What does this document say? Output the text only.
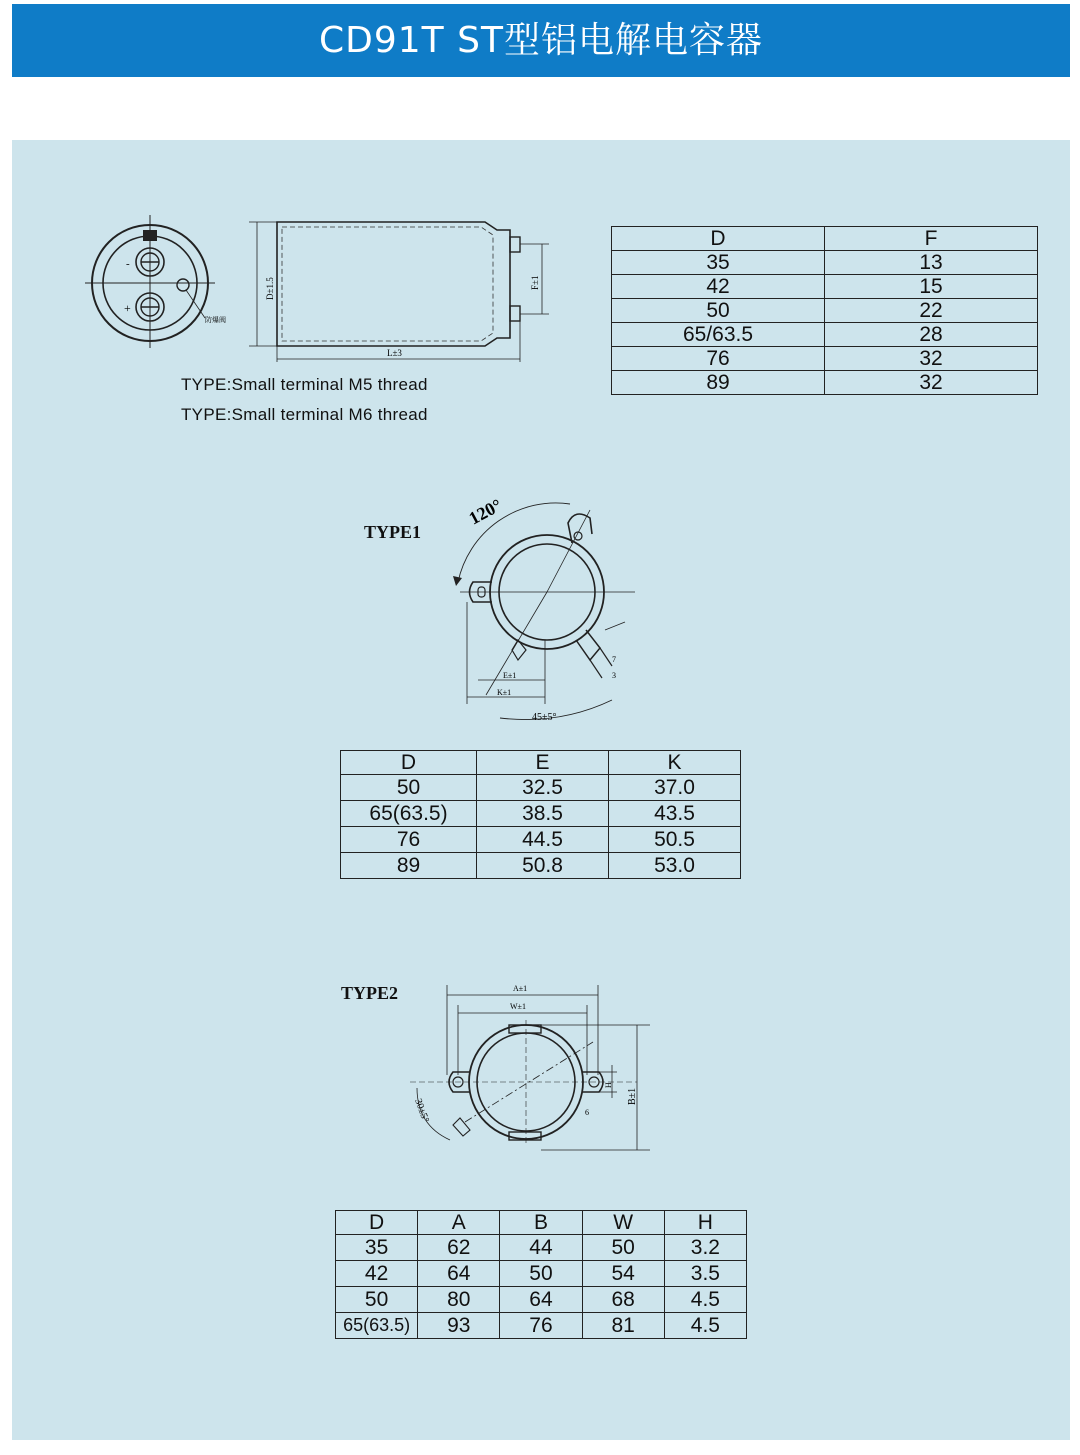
CD91T ST型铝电解电容器
-
+
防爆阀
D±1.5	F±1
L±3
TYPE:Small terminal M5 thread
TYPE:Small terminal M6 thread
D	F
35	13
42	15
50	22
65/63.5	28
76	32
89	32
TYPE1
120°
E±1
K±1
45±5°
7
3
D	E	K
50	32.5	37.0
65(63.5)	38.5	43.5
76	44.5	50.5
89	50.8	53.0
TYPE2	A±1
W±1
B±1
H
6
30±5°
D	A	B	W	H
35	62	44	50	3.2
42	64	50	54	3.5
50	80	64	68	4.5
65(63.5)	93	76	81	4.5
